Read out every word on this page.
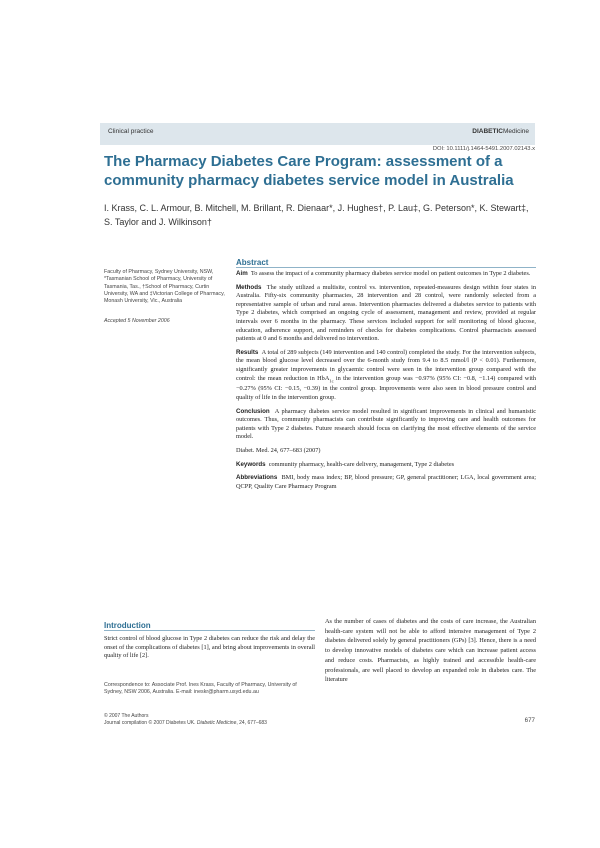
Clinical practice	DIABETICMedicine
DOI: 10.1111/j.1464-5491.2007.02143.x
The Pharmacy Diabetes Care Program: assessment of a community pharmacy diabetes service model in Australia
I. Krass, C. L. Armour, B. Mitchell, M. Brillant, R. Dienaar*, J. Hughes†, P. Lau‡, G. Peterson*, K. Stewart‡, S. Taylor and J. Wilkinson†
Faculty of Pharmacy, Sydney University, NSW, *Tasmanian School of Pharmacy, University of Tasmania, Tas., †School of Pharmacy, Curtin University, WA and ‡Victorian College of Pharmacy, Monash University, Vic., Australia
Accepted 5 November 2006
Abstract

Aim To assess the impact of a community pharmacy diabetes service model on patient outcomes in Type 2 diabetes.

Methods The study utilized a multisite, control vs. intervention, repeated-measures design within four states in Australia. Fifty-six community pharmacies, 28 intervention and 28 control, were randomly selected from a representative sample of urban and rural areas. Intervention pharmacies delivered a diabetes service to patients with Type 2 diabetes, which comprised an ongoing cycle of assessment, management and review, provided at regular intervals over 6 months in the pharmacy. These services included support for self monitoring of blood glucose, education, adherence support, and reminders of checks for diabetes complications. Control pharmacists assessed patients at 0 and 6 months and delivered no intervention.

Results A total of 289 subjects (149 intervention and 140 control) completed the study. For the intervention subjects, the mean blood glucose level decreased over the 6-month study from 9.4 to 8.5 mmol/l (P < 0.01). Furthermore, significantly greater improvements in glycaemic control were seen in the intervention group compared with the control: the mean reduction in HbA$_{1c}$ in the intervention group was −0.97% (95% CI: −0.8, −1.14) compared with −0.27% (95% CI: −0.15, −0.39) in the control group. Improvements were also seen in blood pressure control and quality of life in the intervention group.

Conclusion A pharmacy diabetes service model resulted in significant improvements in clinical and humanistic outcomes. Thus, community pharmacists can contribute significantly to improving care and health outcomes for patients with Type 2 diabetes. Future research should focus on clarifying the most effective elements of the service model.

Diabet. Med. 24, 677–683 (2007)

Keywords community pharmacy, health-care delivery, management, Type 2 diabetes

Abbreviations BMI, body mass index; BP, blood pressure; GP, general practitioner; LGA, local government area; QCPP, Quality Care Pharmacy Program

Introduction

Strict control of blood glucose in Type 2 diabetes can reduce the risk and delay the onset of the complications of diabetes [1], and bring about improvements in overall quality of life [2].

Correspondence to: Associate Prof. Ines Krass, Faculty of Pharmacy, University of Sydney, NSW 2006, Australia. E-mail: ineskr@pharm.usyd.edu.au

As the number of cases of diabetes and the costs of care increase, the Australian health-care system will not be able to afford intensive management of Type 2 diabetes delivered solely by general practitioners (GPs) [3]. Hence, there is a need to develop innovative models of diabetes care which can increase patient access and reduce costs. Pharmacists, as highly trained and accessible health-care professionals, are well placed to develop an expanded role in diabetes care. The literature

© 2007 The Authors
Journal compilation © 2007 Diabetes UK. Diabetic Medicine, 24, 677–683	677
